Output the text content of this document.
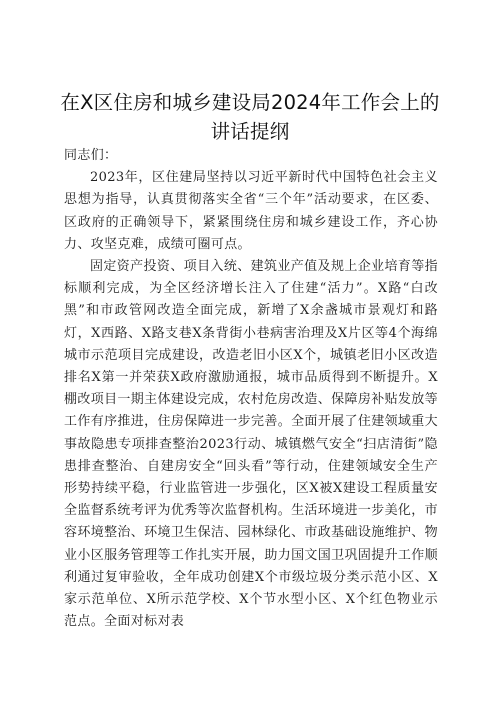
在X区住房和城乡建设局2024年工作会上的
讲话提纲

同志们：

2023年，区住建局坚持以习近平新时代中国特色社会主义思想为指导，认真贯彻落实全省“三个年”活动要求，在区委、区政府的正确领导下，紧紧围绕住房和城乡建设工作，齐心协力、攻坚克难，成绩可圈可点。

固定资产投资、项目入统、建筑业产值及规上企业培育等指标顺利完成，为全区经济增长注入了住建“活力”。X路“白改黑”和市政管网改造全面完成，新增了X余盏城市景观灯和路灯，X西路、X路支巷X条背街小巷病害治理及X片区等4个海绵城市示范项目完成建设，改造老旧小区X个，城镇老旧小区改造排名X第一并荣获X政府激励通报，城市品质得到不断提升。X棚改项目一期主体建设完成，农村危房改造、保障房补贴发放等工作有序推进，住房保障进一步完善。全面开展了住建领域重大事故隐患专项排查整治2023行动、城镇燃气安全“扫店清街”隐患排查整治、自建房安全“回头看”等行动，住建领域安全生产形势持续平稳，行业监管进一步强化，区X被X建设工程质量安全监督系统考评为优秀等次监督机构。生活环境进一步美化，市容环境整治、环境卫生保洁、园林绿化、市政基础设施维护、物业小区服务管理等工作扎实开展，助力国文国卫巩固提升工作顺利通过复审验收，全年成功创建X个市级垃圾分类示范小区、X家示范单位、X所示范学校、X个节水型小区、X个红色物业示范点。全面对标对表
